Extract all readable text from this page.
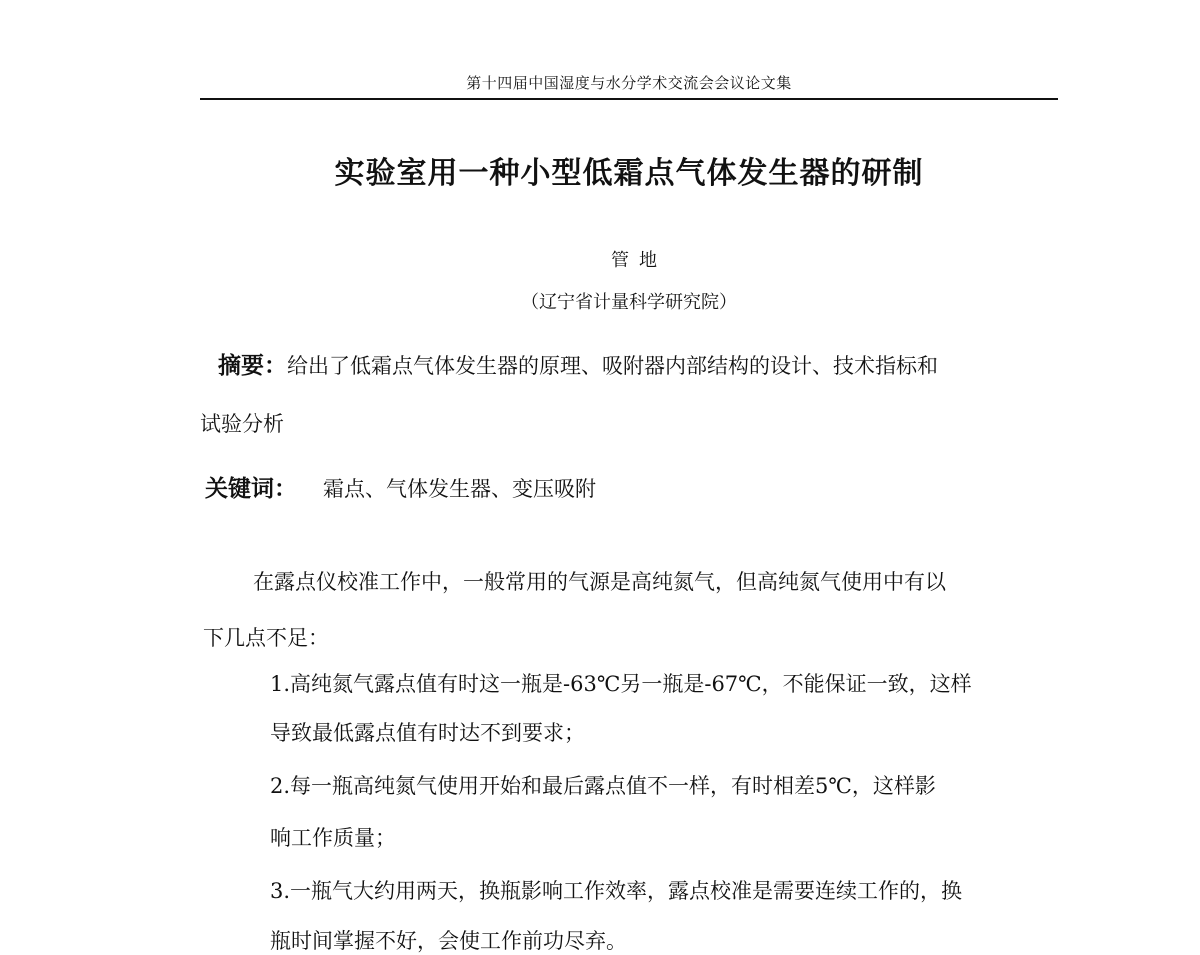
第十四届中国湿度与水分学术交流会会议论文集
实验室用一种小型低霜点气体发生器的研制
管地
（辽宁省计量科学研究院）
摘要：给出了低霜点气体发生器的原理、吸附器内部结构的设计、技术指标和
试验分析
关键词： 霜点、气体发生器、变压吸附
在露点仪校准工作中，一般常用的气源是高纯氮气，但高纯氮气使用中有以
下几点不足：
1.高纯氮气露点值有时这一瓶是-63℃另一瓶是-67℃，不能保证一致，这样
导致最低露点值有时达不到要求；
2.每一瓶高纯氮气使用开始和最后露点值不一样，有时相差5℃，这样影
响工作质量；
3.一瓶气大约用两天，换瓶影响工作效率，露点校准是需要连续工作的，换
瓶时间掌握不好，会使工作前功尽弃。
